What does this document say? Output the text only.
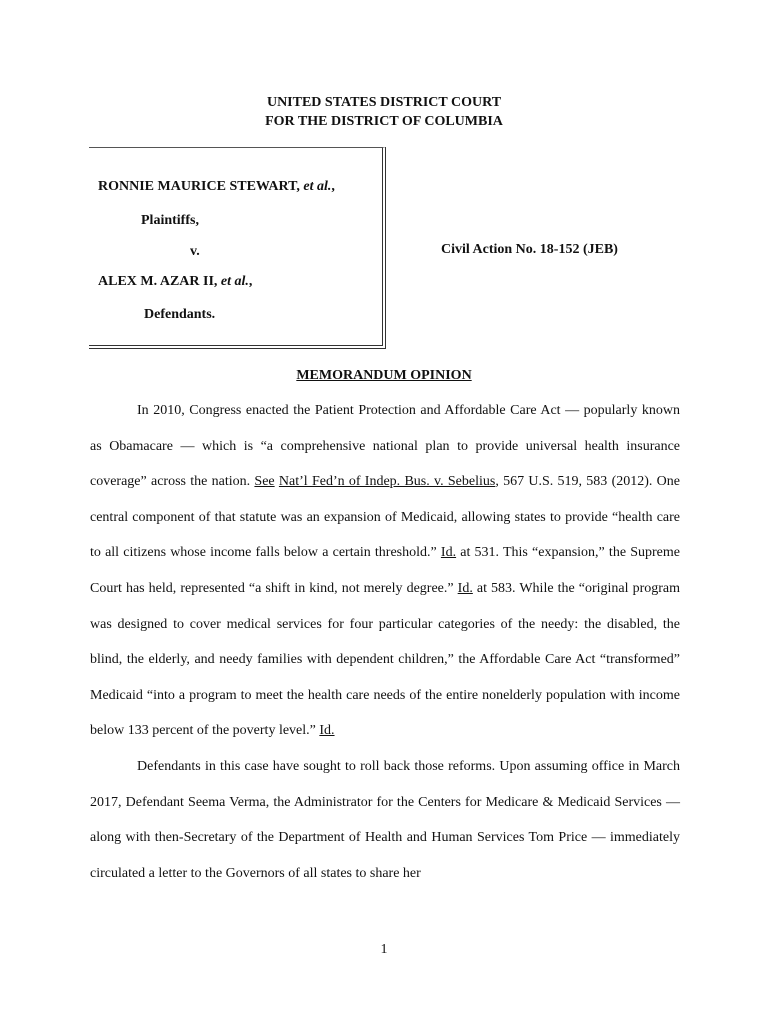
UNITED STATES DISTRICT COURT
FOR THE DISTRICT OF COLUMBIA
RONNIE MAURICE STEWART, et al.,
Plaintiffs,
v.
ALEX M. AZAR II, et al.,
Defendants.
Civil Action No. 18-152 (JEB)
MEMORANDUM OPINION

In 2010, Congress enacted the Patient Protection and Affordable Care Act — popularly known as Obamacare — which is “a comprehensive national plan to provide universal health insurance coverage” across the nation. See Nat’l Fed’n of Indep. Bus. v. Sebelius, 567 U.S. 519, 583 (2012). One central component of that statute was an expansion of Medicaid, allowing states to provide “health care to all citizens whose income falls below a certain threshold.” Id. at 531. This “expansion,” the Supreme Court has held, represented “a shift in kind, not merely degree.” Id. at 583. While the “original program was designed to cover medical services for four particular categories of the needy: the disabled, the blind, the elderly, and needy families with dependent children,” the Affordable Care Act “transformed” Medicaid “into a program to meet the health care needs of the entire nonelderly population with income below 133 percent of the poverty level.” Id.

Defendants in this case have sought to roll back those reforms. Upon assuming office in March 2017, Defendant Seema Verma, the Administrator for the Centers for Medicare & Medicaid Services — along with then-Secretary of the Department of Health and Human Services Tom Price — immediately circulated a letter to the Governors of all states to share her

1
